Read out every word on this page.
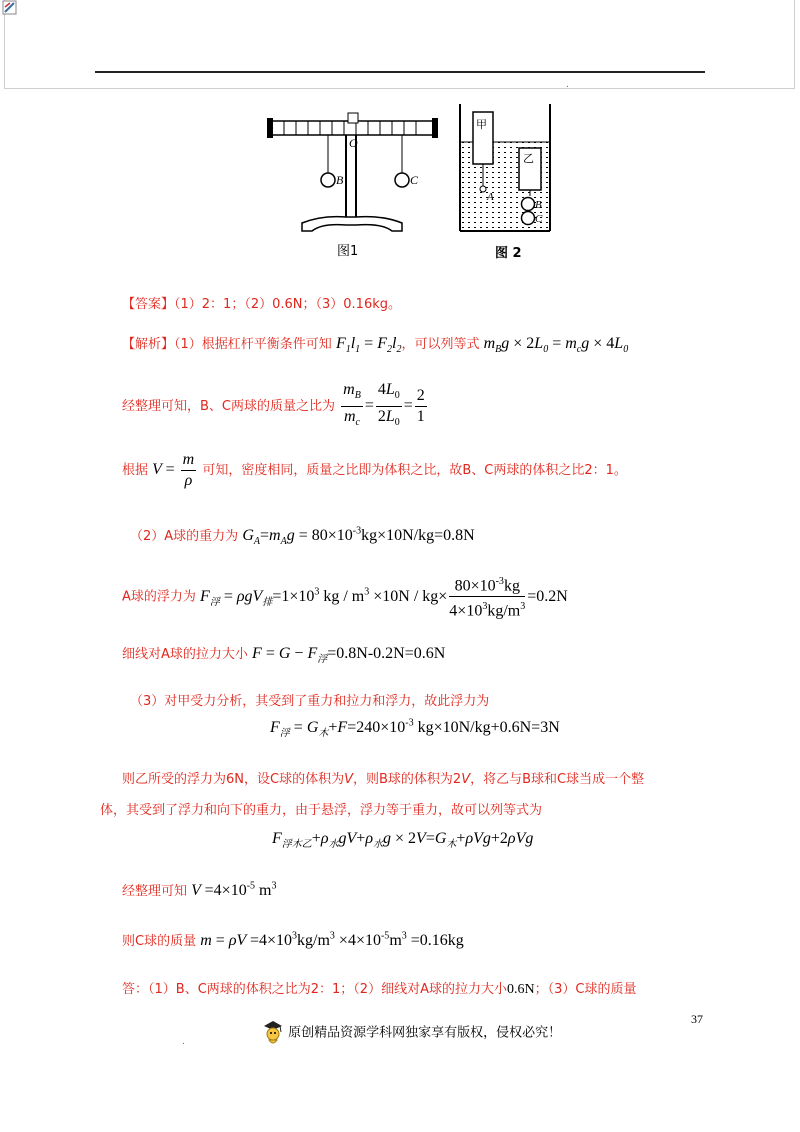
.
O
B	C
图1
甲
乙
A
B
C
图 2
【答案】（1）2：1；（2）0.6N；（3）0.16kg。
【解析】（1）根据杠杆平衡条件可知 $F_1l_1 = F_2l_2$，可以列等式 $m_Bg \times 2L_0 = m_cg \times 4L_0$
经整理可知，B、C两球的质量之比为 $\frac{m_B}{m_c} = \frac{4L_0}{2L_0} = \frac{2}{1}$
根据 $V = \frac{m}{\rho}$ 可知，密度相同，质量之比即为体积之比，故B、C两球的体积之比2：1。
（2）A球的重力为 $G_A=m_Ag = 80\times 10^{-3}kg\times 10N/kg=0.8N$
A球的浮力为 $F_浮 = \rho gV_排=1\times 10^3$ kg / $m^3 \times 10N / kg\times \frac{80\times 10^{-3}kg}{4\times 10^3kg/m^3} =0.2N$
细线对A球的拉力大小 $F = G - F_浮=0.8N-0.2N=0.6N$
（3）对甲受力分析，其受到了重力和拉力和浮力，故此浮力为
$F_浮 = G_木+F=240\times 10^{-3}$ kg×10N/kg+0.6N=3N
则乙所受的浮力为6N，设C球的体积为V，则B球的体积为2V，将乙与B球和C球当成一个整
体，其受到了浮力和向下的重力，由于悬浮，浮力等于重力，故可以列等式为
$F_{浮木乙}+\rho_水gV+\rho_水g \times 2V=G_木+\rho Vg+2\rho Vg$
经整理可知 $V =4\times 10^{-5}$ $m^3$
则C球的质量 $m = \rho V =4\times 10^3kg/m^3 \times 4\times 10^{-5}m^3 =0.16kg$
答：（1）B、C两球的体积之比为2：1；（2）细线对A球的拉力大小0.6N；（3）C球的质量
37
.
原创精品资源学科网独家享有版权，侵权必究！
